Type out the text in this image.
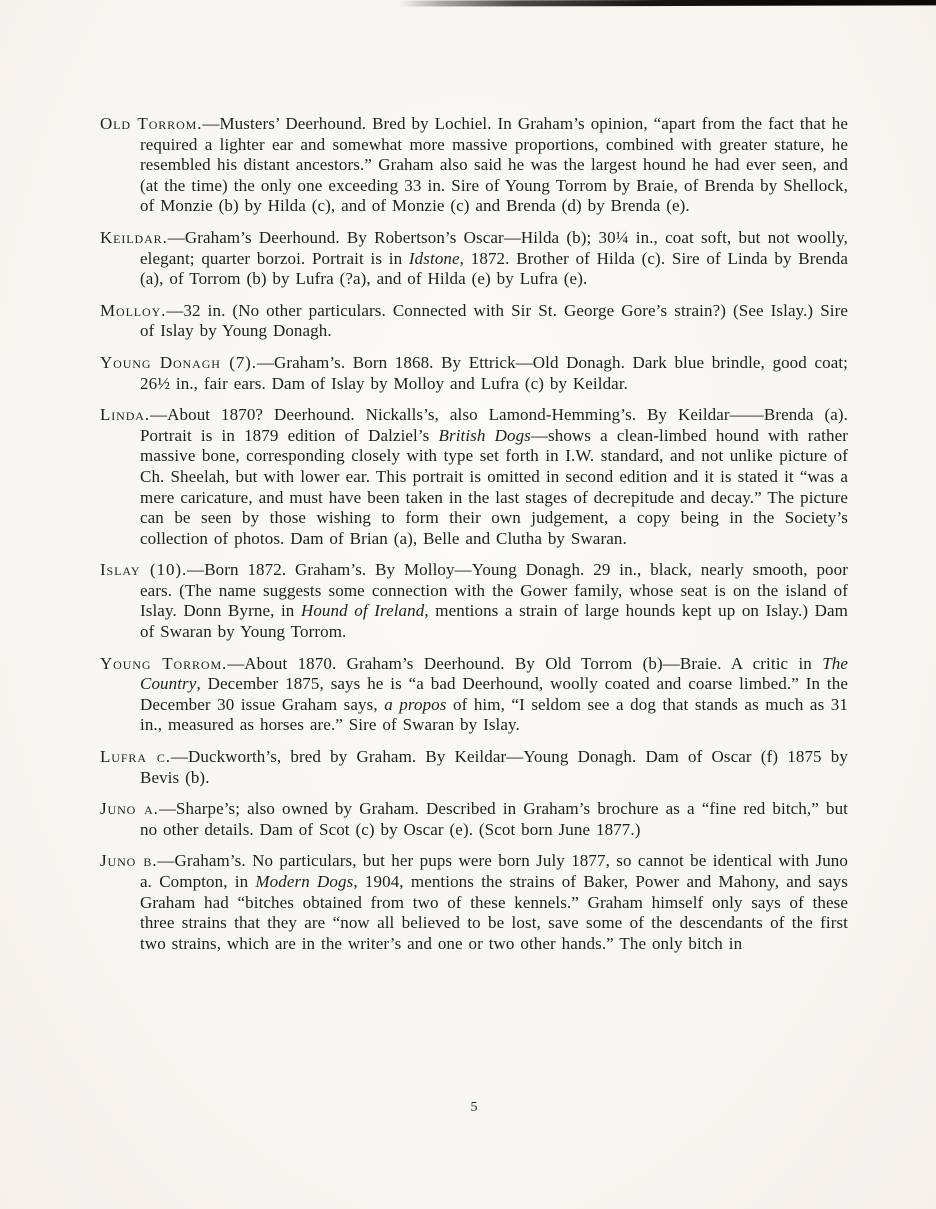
Old Torrom.—Musters’ Deerhound. Bred by Lochiel. In Graham’s opinion, “apart from the fact that he required a lighter ear and somewhat more massive proportions, combined with greater stature, he resembled his distant ancestors.” Graham also said he was the largest hound he had ever seen, and (at the time) the only one exceeding 33 in. Sire of Young Torrom by Braie, of Brenda by Shellock, of Monzie (b) by Hilda (c), and of Monzie (c) and Brenda (d) by Brenda (e).

Keildar.—Graham’s Deerhound. By Robertson’s Oscar—Hilda (b); 30¼ in., coat soft, but not woolly, elegant; quarter borzoi. Portrait is in Idstone, 1872. Brother of Hilda (c). Sire of Linda by Brenda (a), of Torrom (b) by Lufra (?a), and of Hilda (e) by Lufra (e).

Molloy.—32 in. (No other particulars. Connected with Sir St. George Gore’s strain?) (See Islay.) Sire of Islay by Young Donagh.

Young Donagh (7).—Graham’s. Born 1868. By Ettrick—Old Donagh. Dark blue brindle, good coat; 26½ in., fair ears. Dam of Islay by Molloy and Lufra (c) by Keildar.

Linda.—About 1870? Deerhound. Nickalls’s, also Lamond-Hemming’s. By Keildar——Brenda (a). Portrait is in 1879 edition of Dalziel’s British Dogs—shows a clean-limbed hound with rather massive bone, corresponding closely with type set forth in I.W. standard, and not unlike picture of Ch. Sheelah, but with lower ear. This portrait is omitted in second edition and it is stated it “was a mere caricature, and must have been taken in the last stages of decrepitude and decay.” The picture can be seen by those wishing to form their own judgement, a copy being in the Society’s collection of photos. Dam of Brian (a), Belle and Clutha by Swaran.

Islay (10).—Born 1872. Graham’s. By Molloy—Young Donagh. 29 in., black, nearly smooth, poor ears. (The name suggests some connection with the Gower family, whose seat is on the island of Islay. Donn Byrne, in Hound of Ireland, mentions a strain of large hounds kept up on Islay.) Dam of Swaran by Young Torrom.

Young Torrom.—About 1870. Graham’s Deerhound. By Old Torrom (b)—Braie. A critic in The Country, December 1875, says he is “a bad Deerhound, woolly coated and coarse limbed.” In the December 30 issue Graham says, a propos of him, “I seldom see a dog that stands as much as 31 in., measured as horses are.” Sire of Swaran by Islay.

Lufra c.—Duckworth’s, bred by Graham. By Keildar—Young Donagh. Dam of Oscar (f) 1875 by Bevis (b).

Juno a.—Sharpe’s; also owned by Graham. Described in Graham’s brochure as a “fine red bitch,” but no other details. Dam of Scot (c) by Oscar (e). (Scot born June 1877.)

Juno b.—Graham’s. No particulars, but her pups were born July 1877, so cannot be identical with Juno a. Compton, in Modern Dogs, 1904, mentions the strains of Baker, Power and Mahony, and says Graham had “bitches obtained from two of these kennels.” Graham himself only says of these three strains that they are “now all believed to be lost, save some of the descendants of the first two strains, which are in the writer’s and one or two other hands.” The only bitch in

5
